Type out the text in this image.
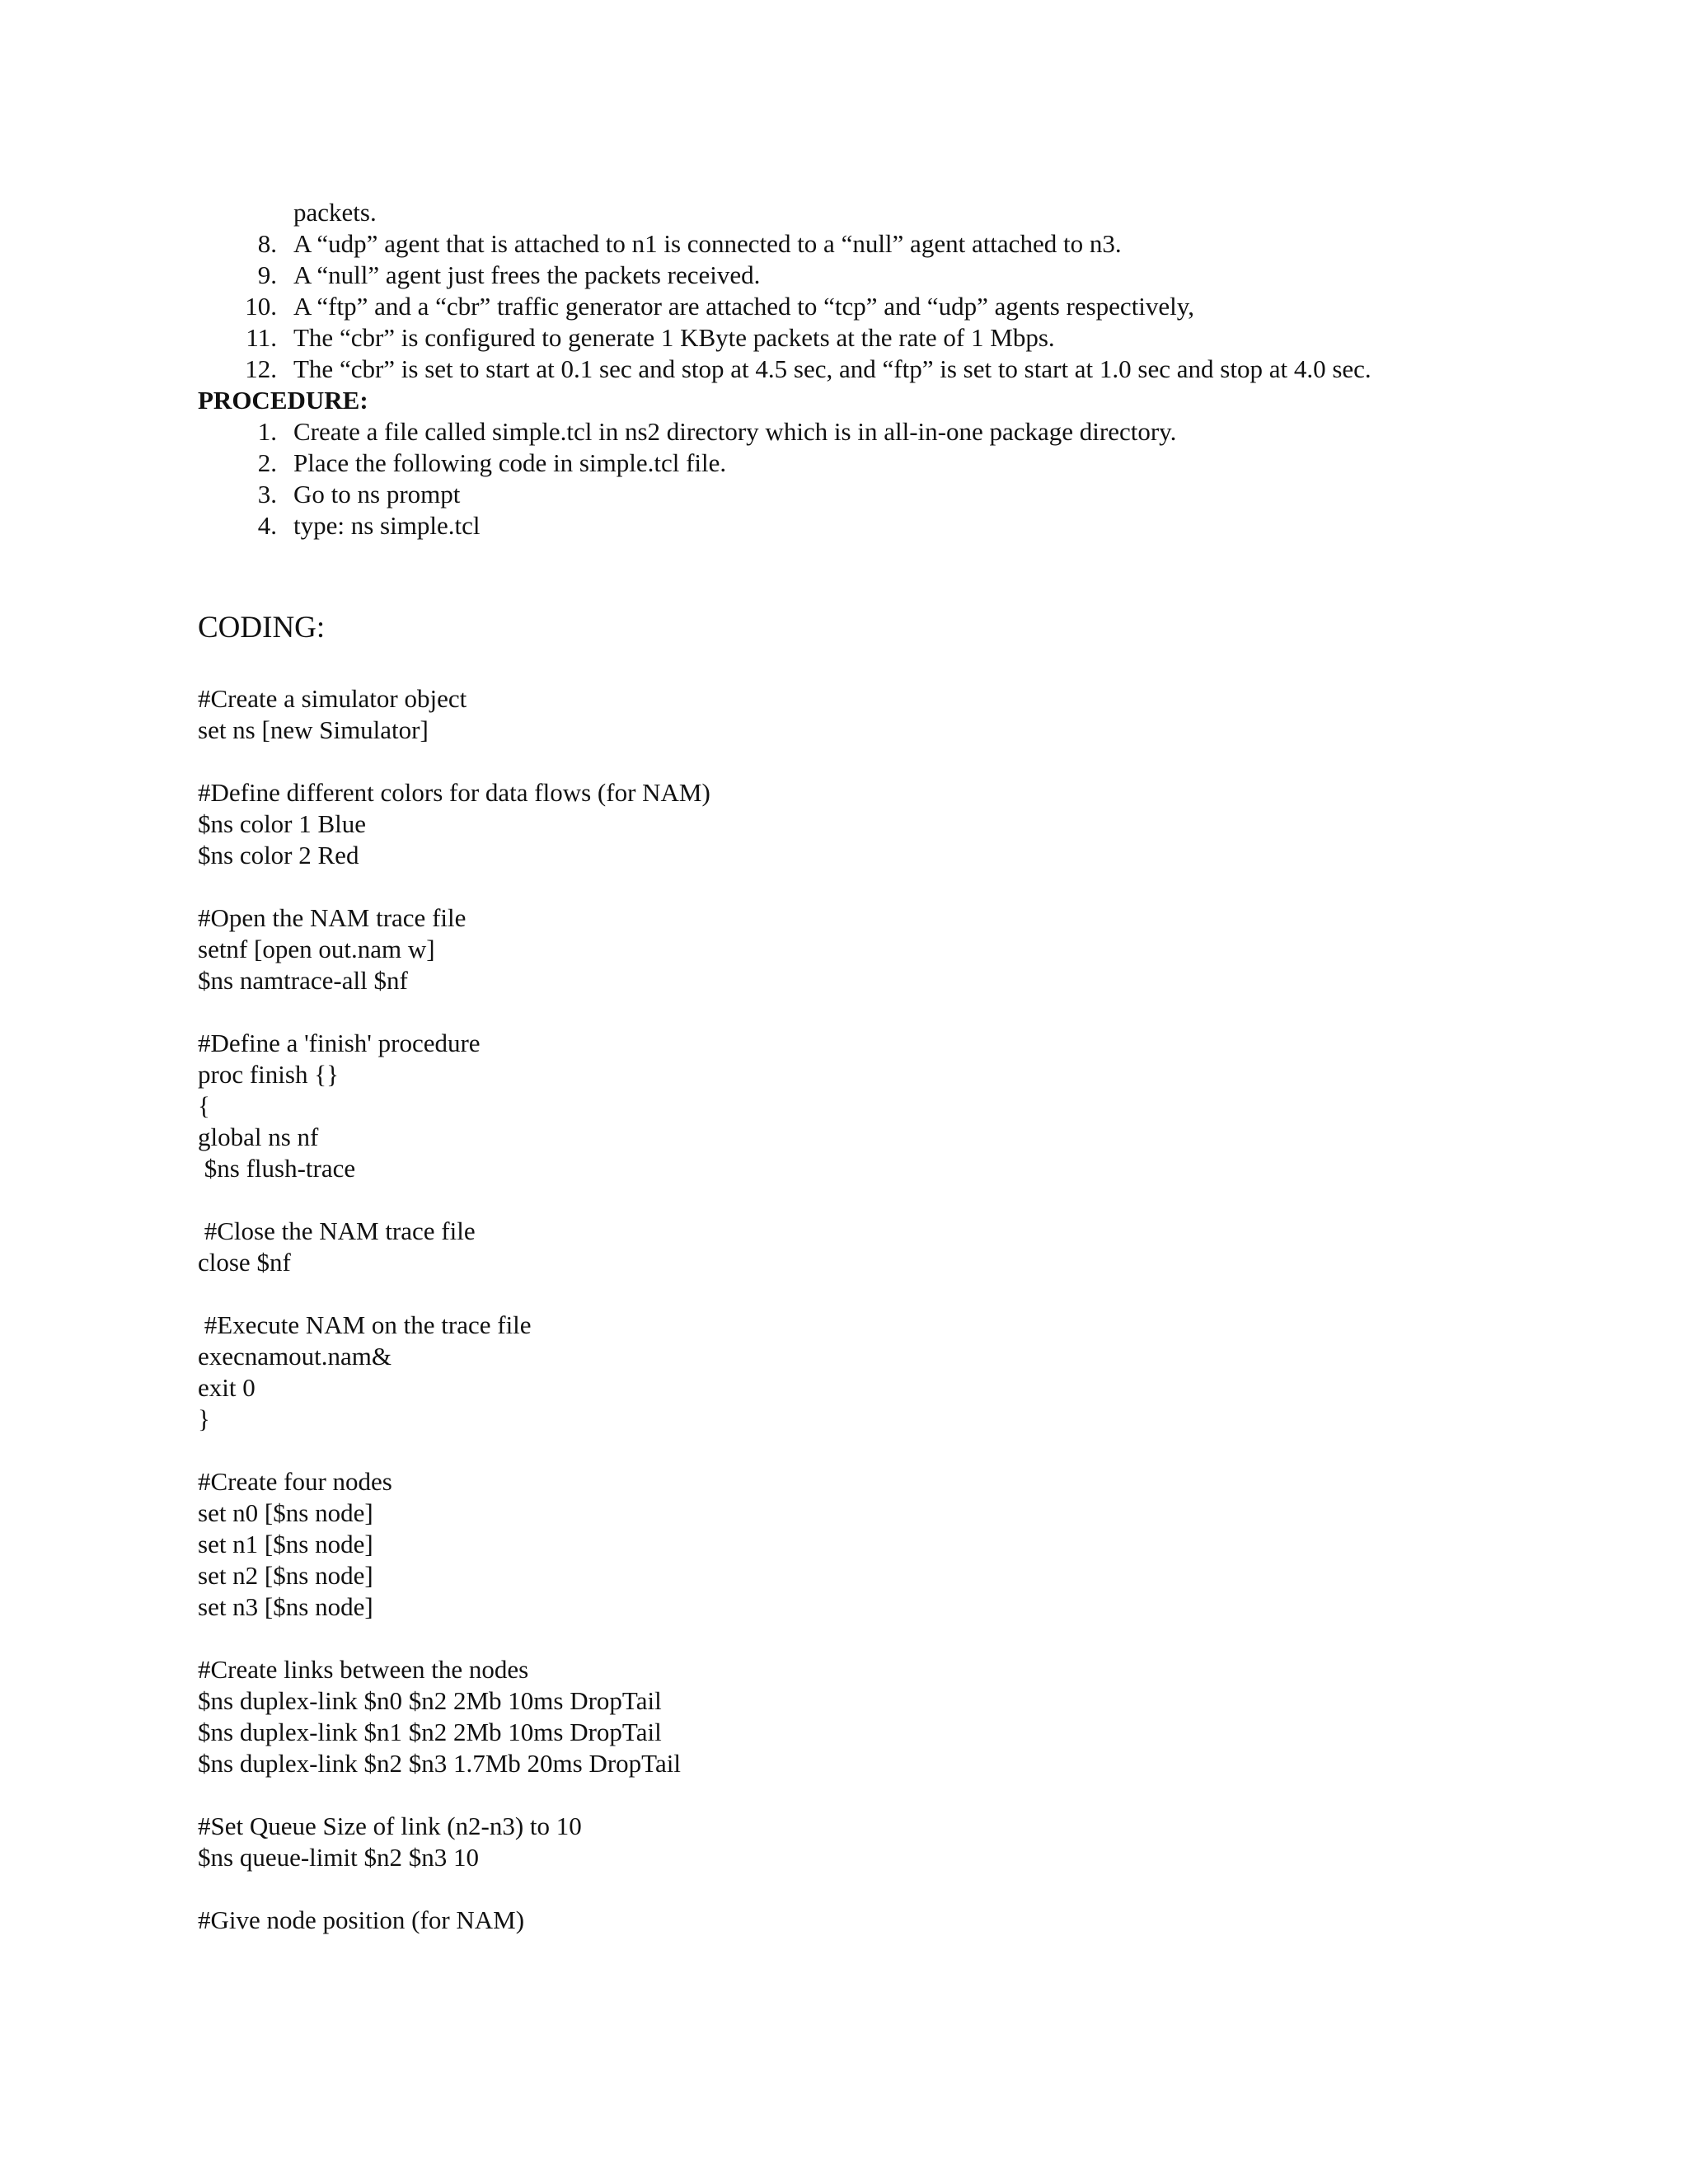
packets.
8. A “udp” agent that is attached to n1 is connected to a “null” agent attached to n3.
9. A “null” agent just frees the packets received.
10. A “ftp” and a “cbr” traffic generator are attached to “tcp” and “udp” agents respectively,
11. The “cbr” is configured to generate 1 KByte packets at the rate of 1 Mbps.
12. The “cbr” is set to start at 0.1 sec and stop at 4.5 sec, and “ftp” is set to start at 1.0 sec and stop at 4.0 sec.
PROCEDURE:
1. Create a file called simple.tcl in ns2 directory which is in all-in-one package directory.
2. Place the following code in simple.tcl file.
3. Go to ns prompt
4. type: ns simple.tcl
CODING:
#Create a simulator object
set ns [new Simulator]
#Define different colors for data flows (for NAM)
$ns color 1 Blue
$ns color 2 Red
#Open the NAM trace file
setnf [open out.nam w]
$ns namtrace-all $nf
#Define a 'finish' procedure
proc finish {}
{
global ns nf
$ns flush-trace
#Close the NAM trace file
close $nf
#Execute NAM on the trace file
execnamout.nam&
exit 0
}
#Create four nodes
set n0 [$ns node]
set n1 [$ns node]
set n2 [$ns node]
set n3 [$ns node]
#Create links between the nodes
$ns duplex-link $n0 $n2 2Mb 10ms DropTail
$ns duplex-link $n1 $n2 2Mb 10ms DropTail
$ns duplex-link $n2 $n3 1.7Mb 20ms DropTail
#Set Queue Size of link (n2-n3) to 10
$ns queue-limit $n2 $n3 10
#Give node position (for NAM)
